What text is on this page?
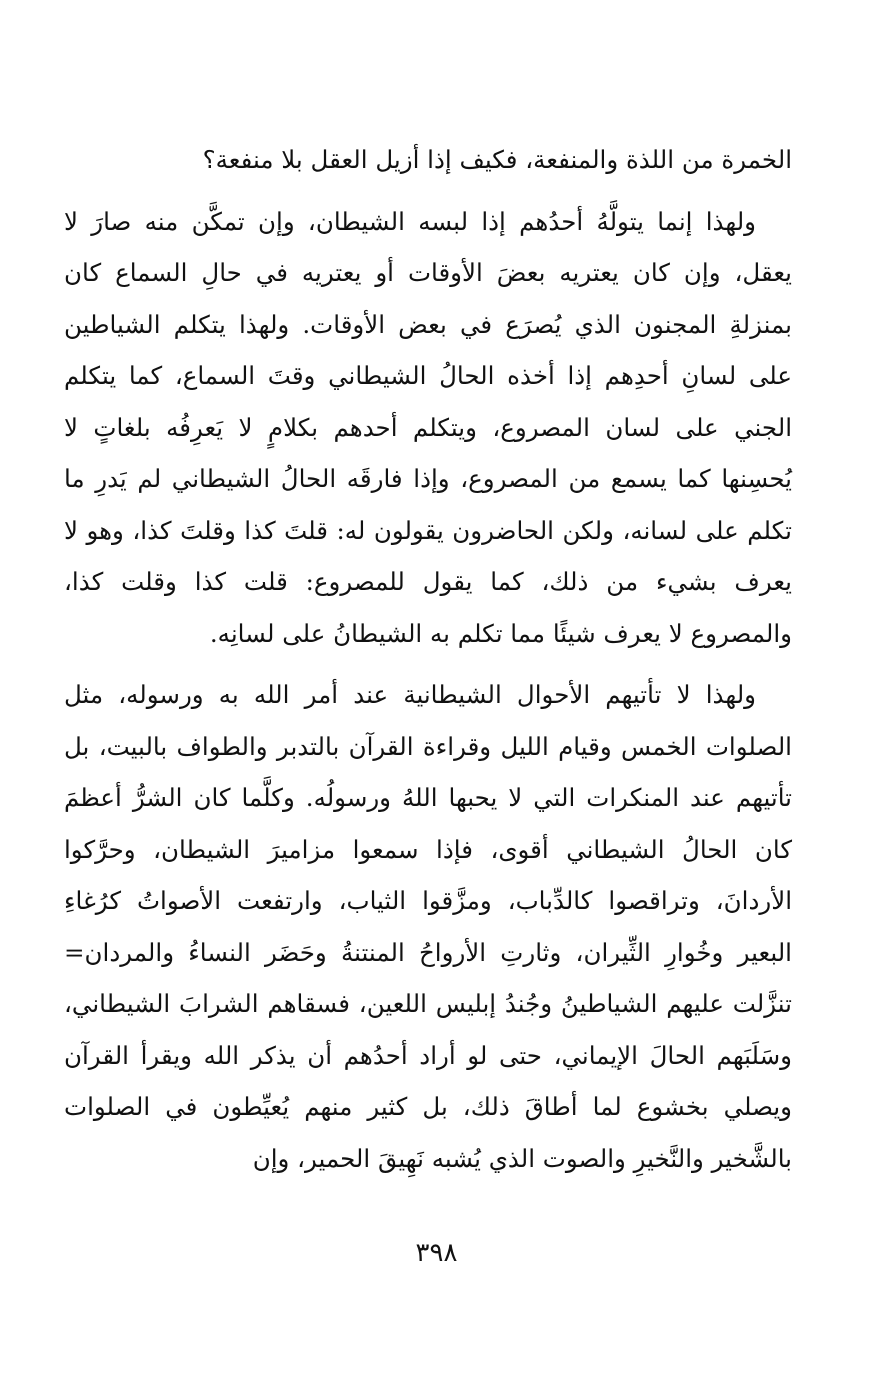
الخمرة من اللذة والمنفعة، فكيف إذا أزيل العقل بلا منفعة؟

ولهذا إنما يتولَّهُ أحدُهم إذا لبسه الشيطان، وإن تمكَّن منه صارَ لا يعقل، وإن كان يعتريه بعضَ الأوقات أو يعتريه في حالِ السماع كان بمنزلةِ المجنون الذي يُصرَع في بعض الأوقات. ولهذا يتكلم الشياطين على لسانِ أحدِهم إذا أخذه الحالُ الشيطاني وقتَ السماع، كما يتكلم الجني على لسان المصروع، ويتكلم أحدهم بكلامٍ لا يَعرِفُه بلغاتٍ لا يُحسِنها كما يسمع من المصروع، وإذا فارقَه الحالُ الشيطاني لم يَدرِ ما تكلم على لسانه، ولكن الحاضرون يقولون له: قلتَ كذا وقلتَ كذا، وهو لا يعرف بشيء من ذلك، كما يقول للمصروع: قلت كذا وقلت كذا، والمصروع لا يعرف شيئًا مما تكلم به الشيطانُ على لسانِه.

ولهذا لا تأتيهم الأحوال الشيطانية عند أمر الله به ورسوله، مثل الصلوات الخمس وقيام الليل وقراءة القرآن بالتدبر والطواف بالبيت، بل تأتيهم عند المنكرات التي لا يحبها اللهُ ورسولُه. وكلَّما كان الشرُّ أعظمَ كان الحالُ الشيطاني أقوى، فإذا سمعوا مزاميرَ الشيطان، وحرَّكوا الأردانَ، وتراقصوا كالدِّباب، ومزَّقوا الثياب، وارتفعت الأصواتُ كرُغاءِ البعير وخُوارِ الثِّيران، وثارتِ الأرواحُ المنتنةُ وحَضَر النساءُ والمردان= تنزَّلت عليهم الشياطينُ وجُندُ إبليس اللعين، فسقاهم الشرابَ الشيطاني، وسَلَبَهم الحالَ الإيماني، حتى لو أراد أحدُهم أن يذكر الله ويقرأ القرآن ويصلي بخشوع لما أطاقَ ذلك، بل كثير منهم يُعيِّطون في الصلوات بالشَّخير والنَّخيرِ والصوت الذي يُشبه نَهِيقَ الحمير، وإن

٣٩٨
